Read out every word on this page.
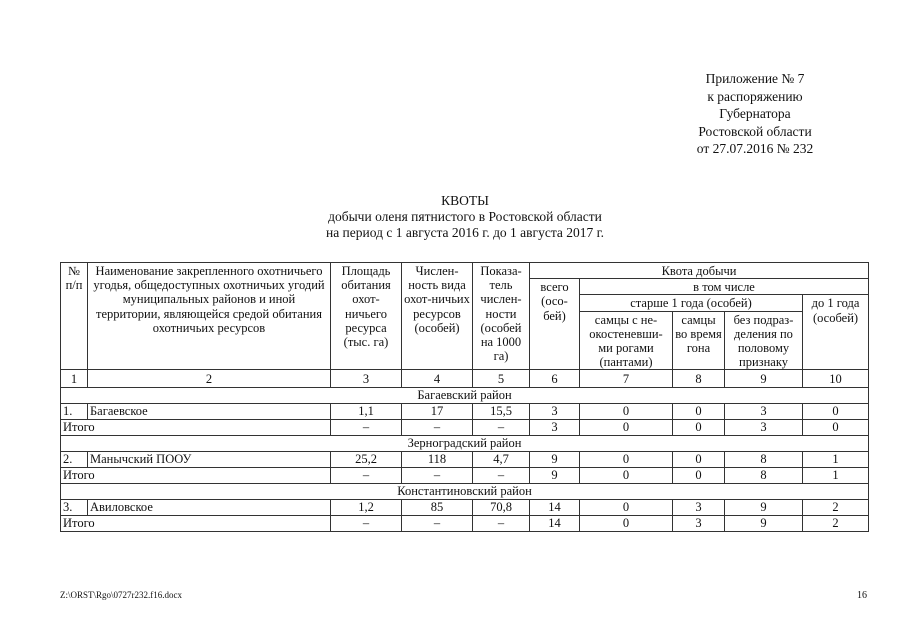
Приложение № 7
к распоряжению
Губернатора
Ростовской области
от 27.07.2016 № 232
КВОТЫ
добычи оленя пятнистого в Ростовской области
на период с 1 августа 2016 г. до 1 августа 2017 г.
№ п/п	Наименование закрепленного охотничьего угодья, общедоступных охотничьих угодий муниципальных районов и иной территории, являющейся средой обитания охотничьих ресурсов	Площадь обитания охот-ничьего ресурса (тыс. га)	Числен-ность вида охот-ничьих ресурсов (особей)	Показа-тель числен-ности (особей на 1000 га)	Квота добычи				
					всего (осо-бей)	в том числе			
						старше 1 года (особей)			до 1 года (особей)
						самцы с не-окостеневши-ми рогами (пантами)	самцы во время гона	без подраз-деления по половому признаку	
1	2	3	4	5	6	7	8	9	10
Багаевский район									
1.	Багаевское	1,1	17	15,5	3	0	0	3	0
Итого		–	–	–	3	0	0	3	0
Зерноградский район									
2.	Манычский ПООУ	25,2	118	4,7	9	0	0	8	1
Итого		–	–	–	9	0	0	8	1
Константиновский район									
3.	Авиловское	1,2	85	70,8	14	0	3	9	2
Итого		–	–	–	14	0	3	9	2
Z:\ORST\Rgo\0727r232.f16.docx	16
